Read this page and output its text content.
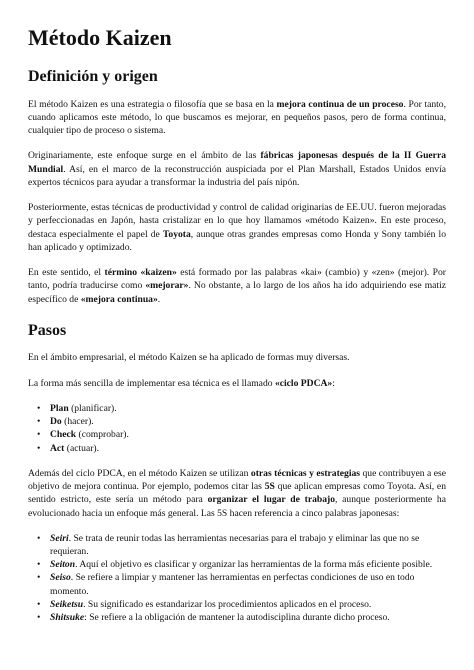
Método Kaizen
Definición y origen

El método Kaizen es una estrategia o filosofía que se basa en la mejora continua de un proceso. Por tanto, cuando aplicamos este método, lo que buscamos es mejorar, en pequeños pasos, pero de forma continua, cualquier tipo de proceso o sistema.

Originariamente, este enfoque surge en el ámbito de las fábricas japonesas después de la II Guerra Mundial. Así, en el marco de la reconstrucción auspiciada por el Plan Marshall, Estados Unidos envía expertos técnicos para ayudar a transformar la industria del país nipón.

Posteriormente, estas técnicas de productividad y control de calidad originarias de EE.UU. fueron mejoradas y perfeccionadas en Japón, hasta cristalizar en lo que hoy llamamos «método Kaizen». En este proceso, destaca especialmente el papel de Toyota, aunque otras grandes empresas como Honda y Sony también lo han aplicado y optimizado.

En este sentido, el término «kaizen» está formado por las palabras «kai» (cambio) y «zen» (mejor). Por tanto, podría traducirse como «mejorar». No obstante, a lo largo de los años ha ido adquiriendo ese matiz específico de «mejora continua».

Pasos

En el ámbito empresarial, el método Kaizen se ha aplicado de formas muy diversas.

La forma más sencilla de implementar esa técnica es el llamado «ciclo PDCA»:

• Plan (planificar).
• Do (hacer).
• Check (comprobar).
• Act (actuar).

Además del ciclo PDCA, en el método Kaizen se utilizan otras técnicas y estrategias que contribuyen a ese objetivo de mejora continua. Por ejemplo, podemos citar las 5S que aplican empresas como Toyota. Así, en sentido estricto, este sería un método para organizar el lugar de trabajo, aunque posteriormente ha evolucionado hacia un enfoque más general. Las 5S hacen referencia a cinco palabras japonesas:

• Seiri. Se trata de reunir todas las herramientas necesarias para el trabajo y eliminar las que no se requieran.
• Seiton. Aquí el objetivo es clasificar y organizar las herramientas de la forma más eficiente posible.
• Seiso. Se refiere a limpiar y mantener las herramientas en perfectas condiciones de uso en todo momento.
• Seiketsu. Su significado es estandarizar los procedimientos aplicados en el proceso.
• Shitsuke: Se refiere a la obligación de mantener la autodisciplina durante dicho proceso.
